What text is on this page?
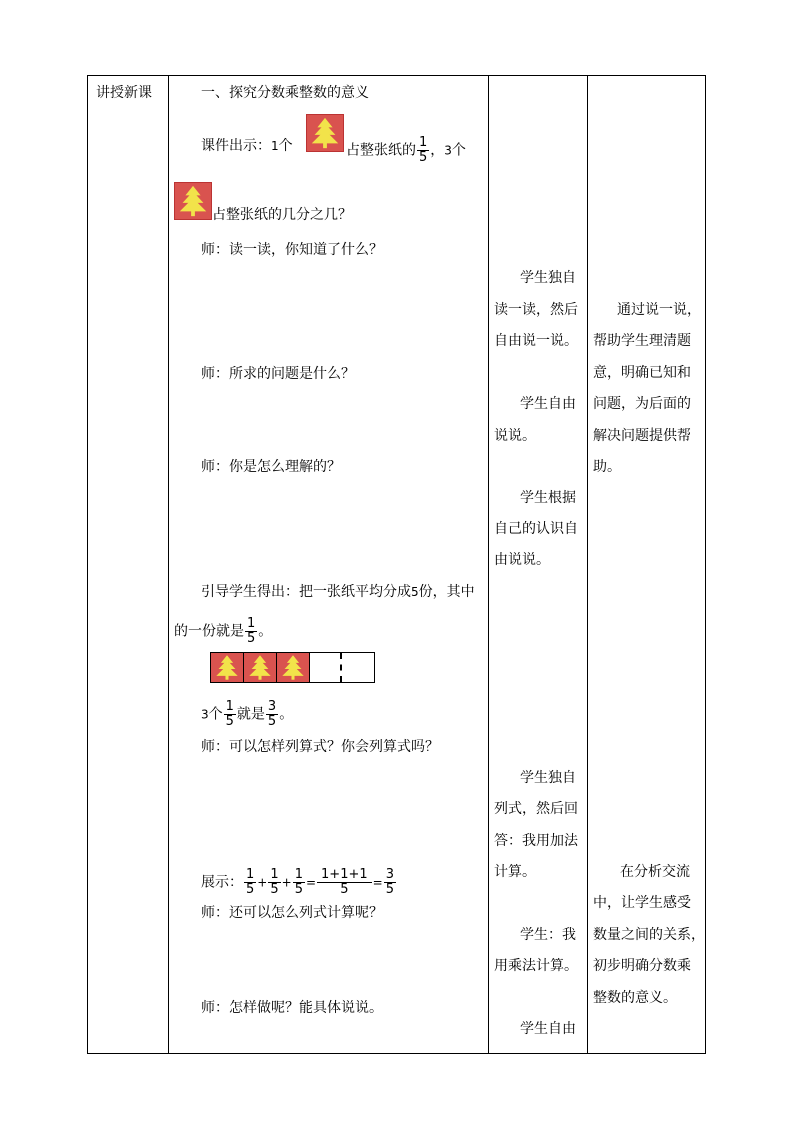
讲授新课	一、探究分数乘整数的意义
课件出示：1个	占整张纸的 $\frac{1}{5}$ ，3个
占整张纸的几分之几？
师：读一读，你知道了什么？
师：所求的问题是什么？
师：你是怎么理解的？
引导学生得出：把一张纸平均分成5份，其中
的一份就是 $\frac{1}{5}$ 。
3个 $\frac{1}{5}$ 就是 $\frac{3}{5}$ 。
师：可以怎样列算式？你会列算式吗？
展示： $\frac{1}{5} + \frac{1}{5} + \frac{1}{5} = \frac{1+1+1}{5} = \frac{3}{5}$
师：还可以怎么列式计算呢？
师：怎样做呢？能具体说说。
学生独自
读一读，然后
自由说一说。
学生自由
说说。
学生根据
自己的认识自
由说说。
学生独自
列式，然后回
答：我用加法
计算。
学生：我
用乘法计算。
学生自由
通过说一说，
帮助学生理清题
意，明确已知和
问题，为后面的
解决问题提供帮
助。
在分析交流
中，让学生感受
数量之间的关系，
初步明确分数乘
整数的意义。
